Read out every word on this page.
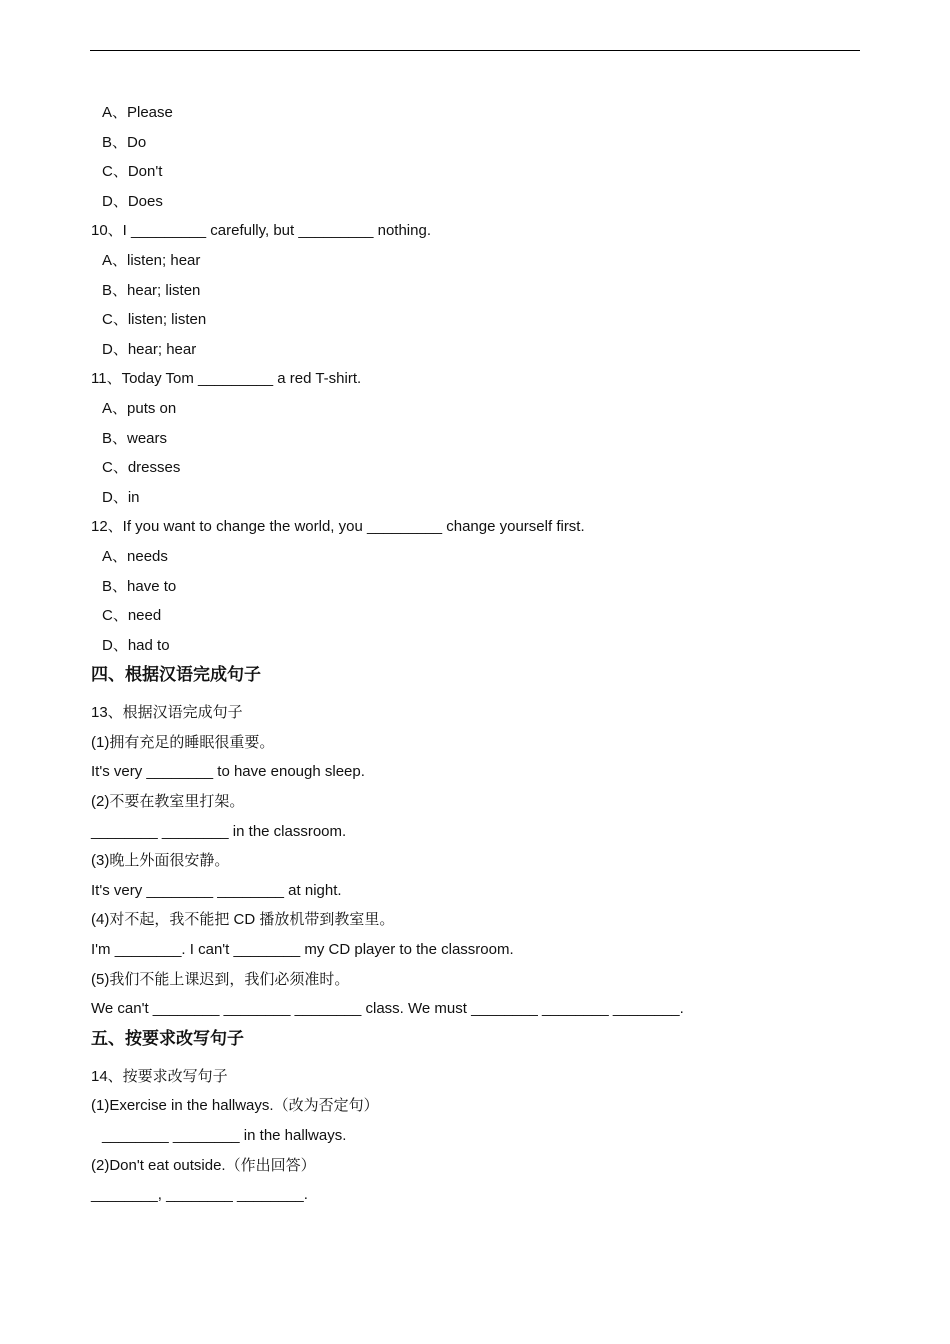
A、Please
B、Do
C、Don't
D、Does
10、I _________ carefully, but _________ nothing.
A、listen; hear
B、hear; listen
C、listen; listen
D、hear; hear
11、Today Tom _________ a red T-shirt.
A、puts on
B、wears
C、dresses
D、in
12、If you want to change the world, you _________ change yourself first.
A、needs
B、have to
C、need
D、had to
四、根据汉语完成句子
13、根据汉语完成句子
(1)拥有充足的睡眠很重要。
It's very ________ to have enough sleep.
(2)不要在教室里打架。
________ ________ in the classroom.
(3)晚上外面很安静。
It's very ________ ________ at night.
(4)对不起，我不能把 CD 播放机带到教室里。
I'm ________. I can't ________ my CD player to the classroom.
(5)我们不能上课迟到，我们必须准时。
We can't ________ ________ ________ class. We must ________ ________ ________.
五、按要求改写句子
14、按要求改写句子
(1)Exercise in the hallways.（改为否定句）
________ ________ in the hallways.
(2)Don't eat outside.（作出回答）
________, ________ ________.
